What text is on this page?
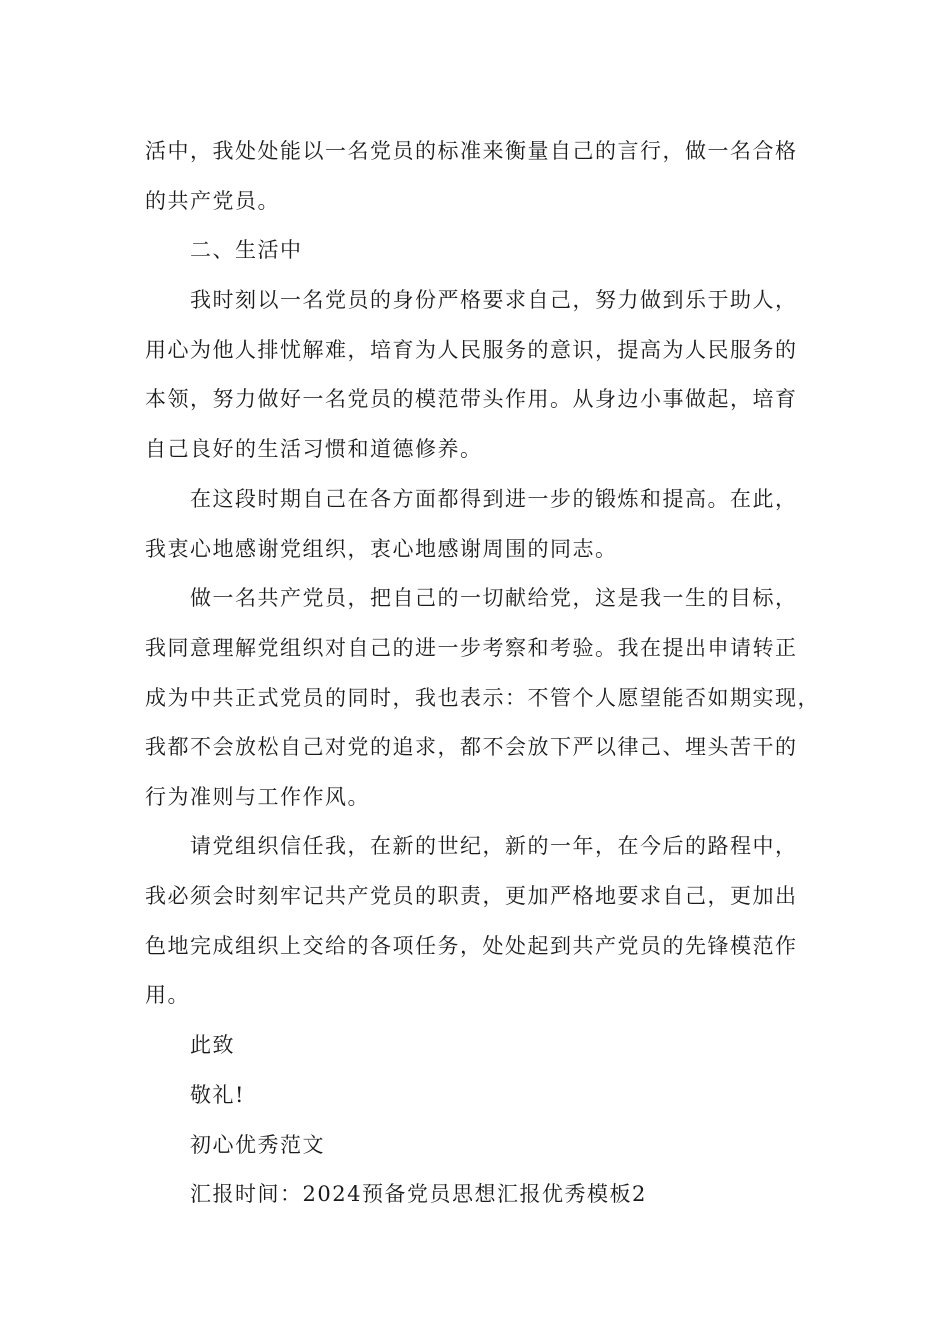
活中，我处处能以一名党员的标准来衡量自己的言行，做一名合格
的共产党员。
二、生活中
我时刻以一名党员的身份严格要求自己，努力做到乐于助人，
用心为他人排忧解难，培育为人民服务的意识，提高为人民服务的
本领，努力做好一名党员的模范带头作用。从身边小事做起，培育
自己良好的生活习惯和道德修养。
在这段时期自己在各方面都得到进一步的锻炼和提高。在此，
我衷心地感谢党组织，衷心地感谢周围的同志。
做一名共产党员，把自己的一切献给党，这是我一生的目标，
我同意理解党组织对自己的进一步考察和考验。我在提出申请转正
成为中共正式党员的同时，我也表示：不管个人愿望能否如期实现，
我都不会放松自己对党的追求，都不会放下严以律己、埋头苦干的
行为准则与工作作风。
请党组织信任我，在新的世纪，新的一年，在今后的路程中，
我必须会时刻牢记共产党员的职责，更加严格地要求自己，更加出
色地完成组织上交给的各项任务，处处起到共产党员的先锋模范作
用。
此致
敬礼!
初心优秀范文
汇报时间：2024预备党员思想汇报优秀模板2
